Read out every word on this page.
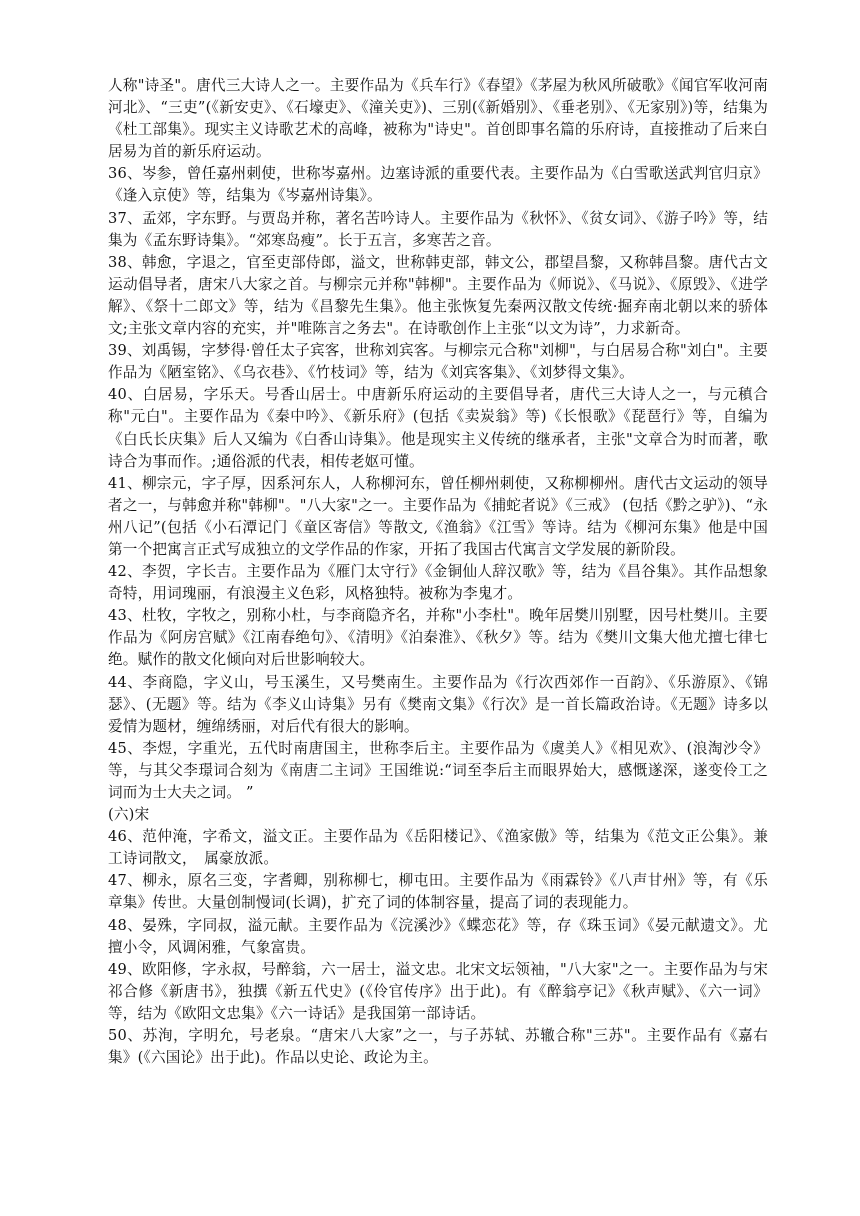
人称"诗圣"。唐代三大诗人之一。主要作品为《兵车行》《春望》《茅屋为秋风所破歌》《闻官军收河南河北》、“三吏”(《新安吏》、《石壕吏》、《潼关吏》)、三别(《新婚别》、《垂老别》、《无家别》)等，结集为《杜工部集》。现实主义诗歌艺术的高峰，被称为"诗史"。首创即事名篇的乐府诗，直接推动了后来白居易为首的新乐府运动。

36、岑参，曾任嘉州刺使，世称岑嘉州。边塞诗派的重要代表。主要作品为《白雪歌送武判官归京》《逢入京使》等，结集为《岑嘉州诗集》。

37、孟郊，字东野。与贾岛并称，著名苦吟诗人。主要作品为《秋怀》、《贫女词》、《游子吟》等，结集为《孟东野诗集》。“郊寒岛瘦”。长于五言，多寒苦之音。

38、韩愈，字退之，官至吏部侍郎，溢文，世称韩吏部，韩文公，郡望昌黎，又称韩昌黎。唐代古文运动倡导者，唐宋八大家之首。与柳宗元并称"韩柳"。主要作品为《师说》、《马说》、《原毁》、《进学解》、《祭十二郎文》等，结为《昌黎先生集》。他主张恢复先秦两汉散文传统·掘弃南北朝以来的骄体文;主张文章内容的充实，并"唯陈言之务去"。在诗歌创作上主张“以文为诗”，力求新奇。

39、刘禹锡，字梦得·曾任太子宾客，世称刘宾客。与柳宗元合称"刘柳"，与白居易合称"刘白"。主要作品为《陋室铭》、《乌衣巷》、《竹枝词》等，结为《刘宾客集》、《刘梦得文集》。

40、白居易，字乐天。号香山居士。中唐新乐府运动的主要倡导者，唐代三大诗人之一，与元稹合称"元白"。主要作品为《秦中吟》、《新乐府》(包括《卖炭翁》等)《长恨歌》《琵琶行》等，自编为《白氏长庆集》后人又编为《白香山诗集》。他是现实主义传统的继承者，主张"文章合为时而著，歌诗合为事而作。;通俗派的代表，相传老妪可懂。

41、柳宗元，字子厚，因系河东人，人称柳河东，曾任柳州刺使，又称柳柳州。唐代古文运动的领导者之一，与韩愈并称"韩柳"。"八大家"之一。主要作品为《捕蛇者说》《三戒》 (包括《黔之驴》)、“永州八记”(包括《小石潭记门《童区寄信》等散文,《渔翁》《江雪》等诗。结为《柳河东集》他是中国第一个把寓言正式写成独立的文学作品的作家，开拓了我国古代寓言文学发展的新阶段。

42、李贺，字长吉。主要作品为《雁门太守行》《金铜仙人辞汉歌》等，结为《昌谷集》。其作品想象奇特，用词瑰丽，有浪漫主义色彩，风格独特。被称为李鬼才。

43、杜牧，字牧之，别称小杜，与李商隐齐名，并称"小李杜"。晚年居樊川别墅，因号杜樊川。主要作品为《阿房宫赋》《江南春绝句》、《清明》《泊秦淮》、《秋夕》等。结为《樊川文集大他尤擅七律七绝。赋作的散文化倾向对后世影响较大。

44、李商隐，字义山，号玉溪生，又号樊南生。主要作品为《行次西郊作一百韵》、《乐游原》、《锦瑟》、(无题》等。结为《李义山诗集》另有《樊南文集》《行次》是一首长篇政治诗。《无题》诗多以爱情为题材，缠绵绣丽，对后代有很大的影响。

45、李煜，字重光，五代时南唐国主，世称李后主。主要作品为《虞美人》《相见欢》、(浪淘沙令》等，与其父李璟词合刻为《南唐二主词》王国维说:“词至李后主而眼界始大，感慨遂深，遂变伶工之词而为士大夫之词。 ”

(六)宋

46、范仲淹，字希文，溢文正。主要作品为《岳阳楼记》、《渔家傲》等，结集为《范文正公集》。兼工诗词散文，　属豪放派。

47、柳永，原名三变，字耆卿，别称柳七，柳屯田。主要作品为《雨霖铃》《八声甘州》等，有《乐章集》传世。大量创制慢词(长调)，扩充了词的体制容量，提高了词的表现能力。

48、晏殊，字同叔，溢元献。主要作品为《浣溪沙》《蝶恋花》等，存《珠玉词》《晏元献遗文》。尤擅小令，风调闲雅，气象富贵。

49、欧阳修，字永叔，号醉翁，六一居士，溢文忠。北宋文坛领袖，"八大家"之一。主要作品为与宋祁合修《新唐书》，独撰《新五代史》(《伶官传序》出于此)。有《醉翁亭记》《秋声赋》、《六一词》等，结为《欧阳文忠集》《六一诗话》是我国第一部诗话。

50、苏洵，字明允，号老泉。“唐宋八大家”之一，与子苏轼、苏辙合称"三苏"。主要作品有《嘉右集》(《六国论》出于此)。作品以史论、政论为主。
